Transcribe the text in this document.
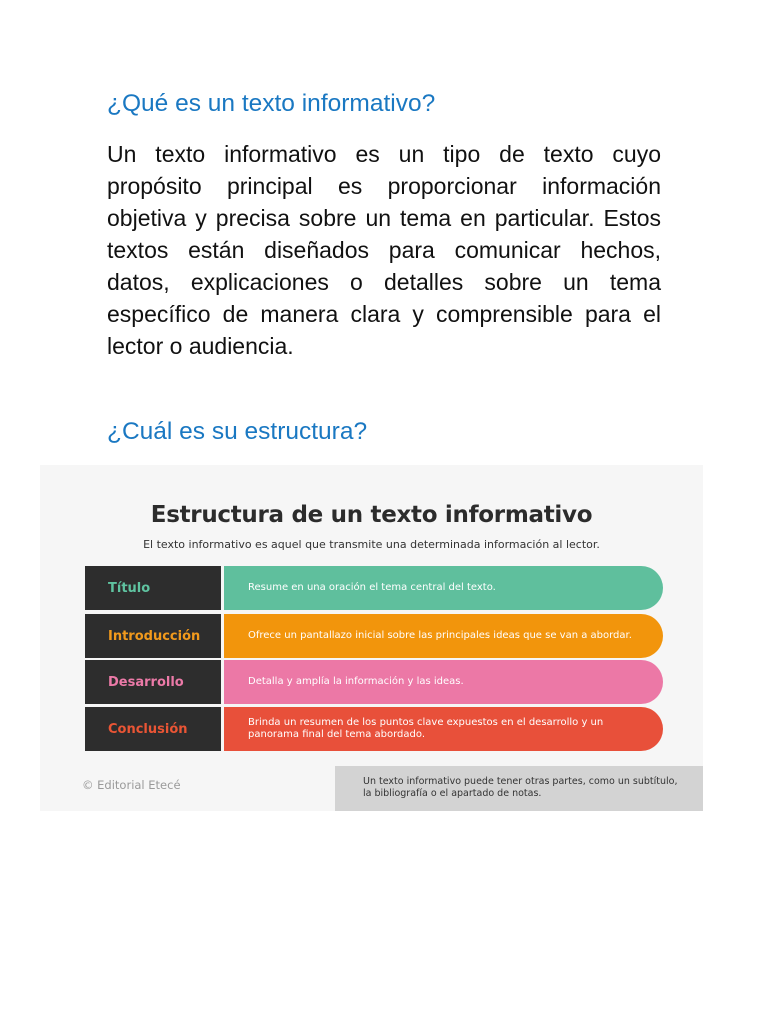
¿Qué es un texto informativo?

Un texto informativo es un tipo de texto cuyo propósito principal es proporcionar información objetiva y precisa sobre un tema en particular. Estos textos están diseñados para comunicar hechos, datos, explicaciones o detalles sobre un tema específico de manera clara y comprensible para el lector o audiencia.

¿Cuál es su estructura?
Estructura de un texto informativo
El texto informativo es aquel que transmite una determinada información al lector.
Título	Resume en una oración el tema central del texto.
Introducción	Ofrece un pantallazo inicial sobre las principales ideas que se van a abordar.
Desarrollo	Detalla y amplía la información y las ideas.
Conclusión	Brinda un resumen de los puntos clave expuestos en el desarrollo y un panorama final del tema abordado.
© Editorial Etecé	Un texto informativo puede tener otras partes, como un subtítulo, la bibliografía o el apartado de notas.
